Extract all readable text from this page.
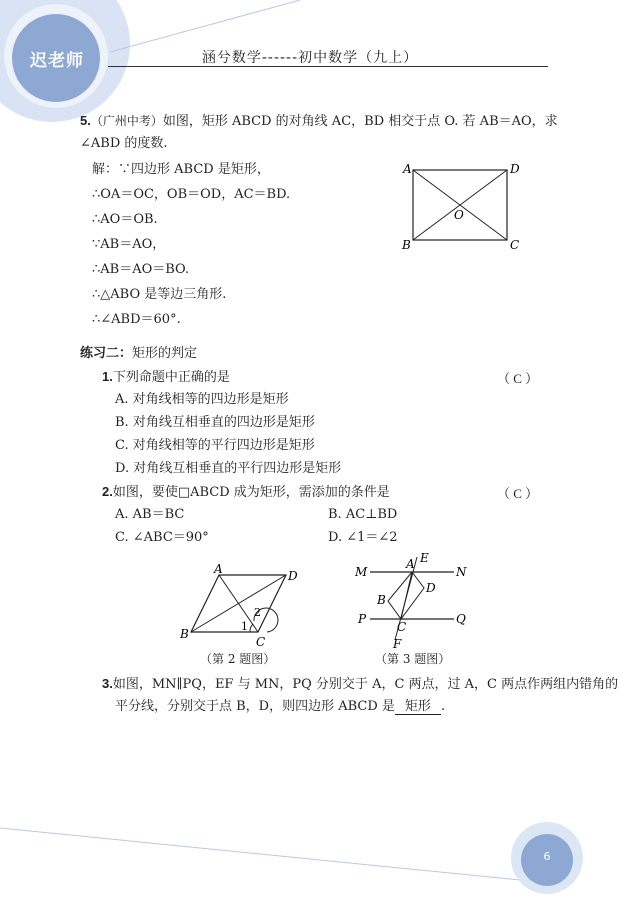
迟老师	涵兮数学------初中数学（九上）
5.（广州中考）如图，矩形 ABCD 的对角线 AC，BD 相交于点 O. 若 AB＝AO，求
∠ABD 的度数.
解：∵四边形 ABCD 是矩形，
∴OA＝OC，OB＝OD，AC＝BD.
∴AO＝OB.
∵AB＝AO，
∴AB＝AO＝BO.
∴△ABO 是等边三角形.
∴∠ABD＝60°.
A	D
B	C
O
练习二：矩形的判定
1.下列命题中正确的是	（ C ）
A. 对角线相等的四边形是矩形
B. 对角线互相垂直的四边形是矩形
C. 对角线相等的平行四边形是矩形
D. 对角线互相垂直的平行四边形是矩形
2.如图，要使□ABCD 成为矩形，需添加的条件是	（ C ）
A. AB＝BC	B. AC⊥BD
C. ∠ABC＝90°	D. ∠1＝∠2
A	D
B
C
1
2
（第 2 题图）
M	N
A E
D
B
P	Q
C
F
（第 3 题图）
3.如图，MN∥PQ，EF 与 MN，PQ 分别交于 A，C 两点，过 A，C 两点作两组内错角的
平分线，分别交于点 B，D，则四边形 ABCD 是 矩形 .
6
